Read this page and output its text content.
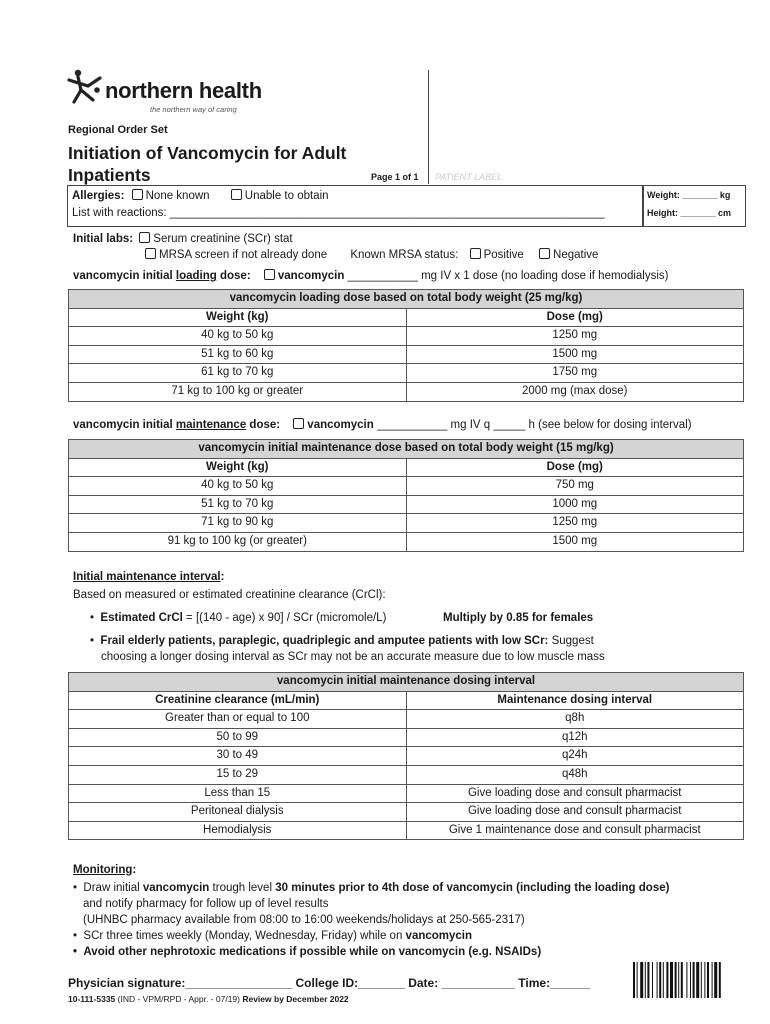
northern health
the northern way of caring
Regional Order Set
Initiation of Vancomycin for Adult Inpatients	Page 1 of 1 PATIENT LABEL
Allergies: None known	Unable to obtain
List with reactions: ____________________________________________________________________
Weight: _______ kg
Height: _______ cm
Initial labs: Serum creatinine (SCr) stat
MRSA screen if not already done Known MRSA status: Positive	Negative
vancomycin initial loading dose: vancomycin ___________ mg IV x 1 dose (no loading dose if hemodialysis)
vancomycin loading dose based on total body weight (25 mg/kg)	
Weight (kg)	Dose (mg)
40 kg to 50 kg	1250 mg
51 kg to 60 kg	1500 mg
61 kg to 70 kg	1750 mg
71 kg to 100 kg or greater	2000 mg (max dose)
vancomycin initial maintenance dose: vancomycin ___________ mg IV q _____ h (see below for dosing interval)
vancomycin initial maintenance dose based on total body weight (15 mg/kg)	
Weight (kg)	Dose (mg)
40 kg to 50 kg	750 mg
51 kg to 70 kg	1000 mg
71 kg to 90 kg	1250 mg
91 kg to 100 kg (or greater)	1500 mg
Initial maintenance interval:
Based on measured or estimated creatinine clearance (CrCl):
•  Estimated CrCl = [(140 - age) x 90] / SCr (micromole/L)	Multiply by 0.85 for females
•  Frail elderly patients, paraplegic, quadriplegic and amputee patients with low SCr: Suggest
choosing a longer dosing interval as SCr may not be an accurate measure due to low muscle mass
vancomycin initial maintenance dosing interval	
Creatinine clearance (mL/min)	Maintenance dosing interval
Greater than or equal to 100	q8h
50 to 99	q12h
30 to 49	q24h
15 to 29	q48h
Less than 15	Give loading dose and consult pharmacist
Peritoneal dialysis	Give loading dose and consult pharmacist
Hemodialysis	Give 1 maintenance dose and consult pharmacist
Monitoring:
•  Draw initial vancomycin trough level 30 minutes prior to 4th dose of vancomycin (including the loading dose)
and notify pharmacy for follow up of level results
(UHNBC pharmacy available from 08:00 to 16:00 weekends/holidays at 250-565-2317)
•  SCr three times weekly (Monday, Wednesday, Friday) while on vancomycin
•  Avoid other nephrotoxic medications if possible while on vancomycin (e.g. NSAIDs)
Physician signature:________________ College ID:_______ Date: ___________ Time:______
10-111-5335 (IND - VPM/RPD - Appr. - 07/19) Review by December 2022
